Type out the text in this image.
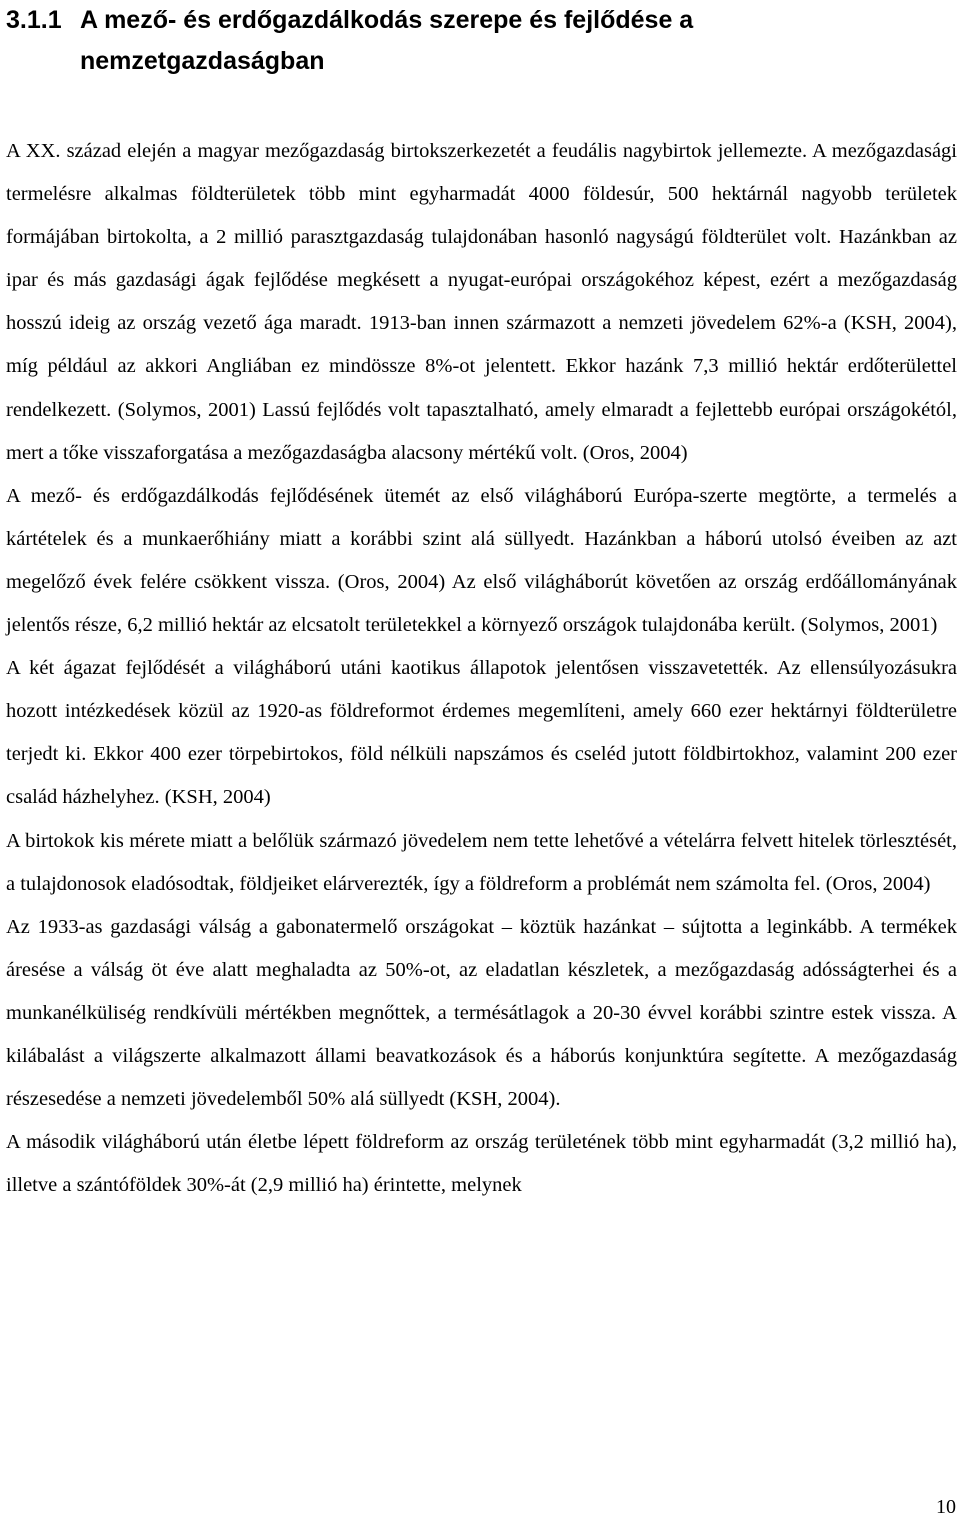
3.1.1 A mező- és erdőgazdálkodás szerepe és fejlődése a
nemzetgazdaságban

A XX. század elején a magyar mezőgazdaság birtokszerkezetét a feudális nagybirtok jellemezte. A mezőgazdasági termelésre alkalmas földterületek több mint egyharmadát 4000 földesúr, 500 hektárnál nagyobb területek formájában birtokolta, a 2 millió parasztgazdaság tulajdonában hasonló nagyságú földterület volt. Hazánkban az ipar és más gazdasági ágak fejlődése megkésett a nyugat-európai országokéhoz képest, ezért a mezőgazdaság hosszú ideig az ország vezető ága maradt. 1913-ban innen származott a nemzeti jövedelem 62%-a (KSH, 2004), míg például az akkori Angliában ez mindössze 8%-ot jelentett. Ekkor hazánk 7,3 millió hektár erdőterülettel rendelkezett. (Solymos, 2001) Lassú fejlődés volt tapasztalható, amely elmaradt a fejlettebb európai országokétól, mert a tőke visszaforgatása a mezőgazdaságba alacsony mértékű volt. (Oros, 2004)

A mező- és erdőgazdálkodás fejlődésének ütemét az első világháború Európa-szerte megtörte, a termelés a kártételek és a munkaerőhiány miatt a korábbi szint alá süllyedt. Hazánkban a háború utolsó éveiben az azt megelőző évek felére csökkent vissza. (Oros, 2004) Az első világháborút követően az ország erdőállományának jelentős része, 6,2 millió hektár az elcsatolt területekkel a környező országok tulajdonába került. (Solymos, 2001)

A két ágazat fejlődését a világháború utáni kaotikus állapotok jelentősen visszavetették. Az ellensúlyozásukra hozott intézkedések közül az 1920-as földreformot érdemes megemlíteni, amely 660 ezer hektárnyi földterületre terjedt ki. Ekkor 400 ezer törpebirtokos, föld nélküli napszámos és cseléd jutott földbirtokhoz, valamint 200 ezer család házhelyhez. (KSH, 2004)

A birtokok kis mérete miatt a belőlük származó jövedelem nem tette lehetővé a vételárra felvett hitelek törlesztését, a tulajdonosok eladósodtak, földjeiket elárverezték, így a földreform a problémát nem számolta fel. (Oros, 2004)

Az 1933-as gazdasági válság a gabonatermelő országokat – köztük hazánkat – sújtotta a leginkább. A termékek áresése a válság öt éve alatt meghaladta az 50%-ot, az eladatlan készletek, a mezőgazdaság adósságterhei és a munkanélküliség rendkívüli mértékben megnőttek, a termésátlagok a 20-30 évvel korábbi szintre estek vissza. A kilábalást a világszerte alkalmazott állami beavatkozások és a háborús konjunktúra segítette. A mezőgazdaság részesedése a nemzeti jövedelemből 50% alá süllyedt (KSH, 2004).

A második világháború után életbe lépett földreform az ország területének több mint egyharmadát (3,2 millió ha), illetve a szántóföldek 30%-át (2,9 millió ha) érintette, melynek

10
